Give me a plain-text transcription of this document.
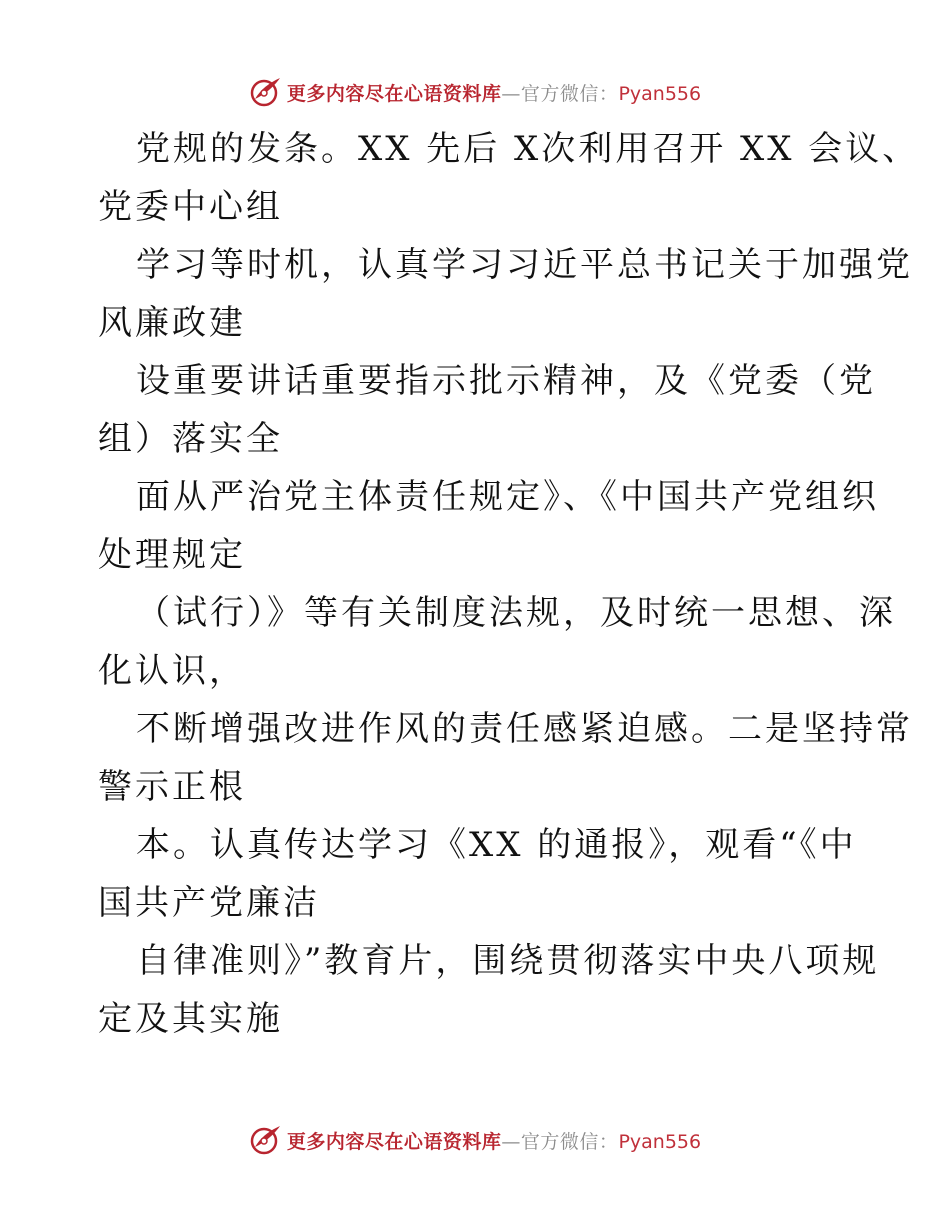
更多内容尽在心语资料库—官方微信：Pyan556
党规的发条。XX 先后 X次利用召开 XX 会议、
党委中心组
学习等时机，认真学习习近平总书记关于加强党
风廉政建
设重要讲话重要指示批示精神，及《党委（党
组）落实全
面从严治党主体责任规定》、《中国共产党组织
处理规定
（试行）》等有关制度法规，及时统一思想、深
化认识，
不断增强改进作风的责任感紧迫感。二是坚持常
警示正根
本。认真传达学习《XX 的通报》，观看“《中
国共产党廉洁
自律准则》”教育片，围绕贯彻落实中央八项规
定及其实施
更多内容尽在心语资料库—官方微信：Pyan556
